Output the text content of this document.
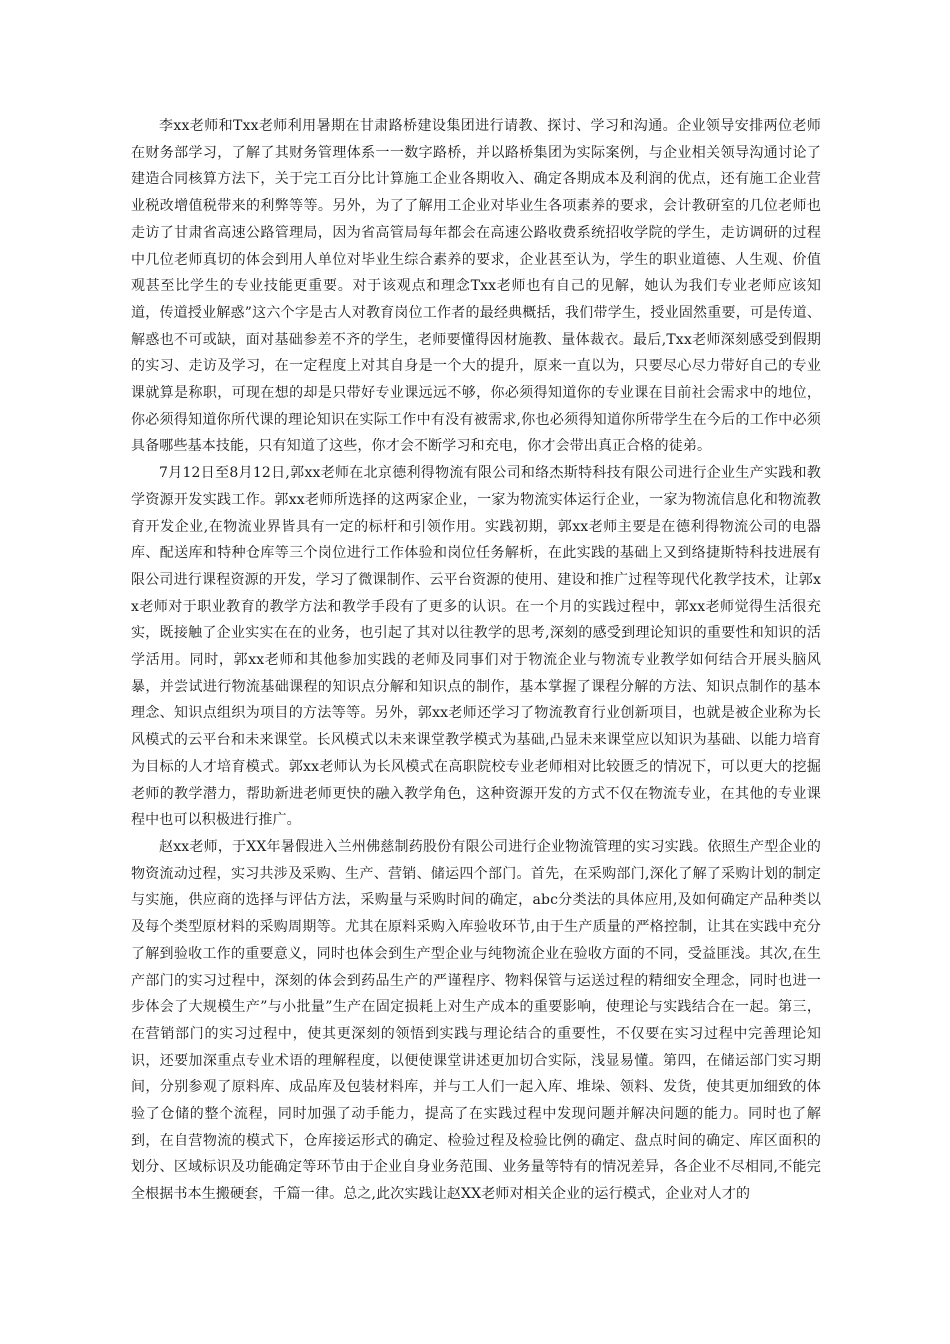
李xx老师和Txx老师利用暑期在甘肃路桥建设集团进行请教、探讨、学习和沟通。企业领导安排两位老师在财务部学习，了解了其财务管理体系一一数字路桥，并以路桥集团为实际案例，与企业相关领导沟通讨论了建造合同核算方法下，关于完工百分比计算施工企业各期收入、确定各期成本及利润的优点，还有施工企业营业税改增值税带来的利弊等等。另外，为了了解用工企业对毕业生各项素养的要求，会计教研室的几位老师也走访了甘肃省高速公路管理局，因为省高管局每年都会在高速公路收费系统招收学院的学生，走访调研的过程中几位老师真切的体会到用人单位对毕业生综合素养的要求，企业甚至认为，学生的职业道德、人生观、价值观甚至比学生的专业技能更重要。对于该观点和理念Txx老师也有自己的见解，她认为我们专业老师应该知道，传道授业解惑”这六个字是古人对教育岗位工作者的最经典概括，我们带学生，授业固然重要，可是传道、解惑也不可或缺，面对基础参差不齐的学生，老师要懂得因材施教、量体裁衣。最后,Txx老师深刻感受到假期的实习、走访及学习，在一定程度上对其自身是一个大的提升，原来一直以为，只要尽心尽力带好自己的专业课就算是称职，可现在想的却是只带好专业课远远不够，你必须得知道你的专业课在目前社会需求中的地位，你必须得知道你所代课的理论知识在实际工作中有没有被需求,你也必须得知道你所带学生在今后的工作中必须具备哪些基本技能，只有知道了这些，你才会不断学习和充电，你才会带出真正合格的徒弟。

7月12日至8月12日,郭xx老师在北京德利得物流有限公司和络杰斯特科技有限公司进行企业生产实践和教学资源开发实践工作。郭xx老师所选择的这两家企业，一家为物流实体运行企业，一家为物流信息化和物流教育开发企业,在物流业界皆具有一定的标杆和引领作用。实践初期，郭xx老师主要是在德利得物流公司的电器库、配送库和特种仓库等三个岗位进行工作体验和岗位任务解析，在此实践的基础上又到络捷斯特科技进展有限公司进行课程资源的开发，学习了微课制作、云平台资源的使用、建设和推广过程等现代化教学技术，让郭xx老师对于职业教育的教学方法和教学手段有了更多的认识。在一个月的实践过程中，郭xx老师觉得生活很充实，既接触了企业实实在在的业务，也引起了其对以往教学的思考,深刻的感受到理论知识的重要性和知识的活学活用。同时，郭xx老师和其他参加实践的老师及同事们对于物流企业与物流专业教学如何结合开展头脑风暴，并尝试进行物流基础课程的知识点分解和知识点的制作，基本掌握了课程分解的方法、知识点制作的基本理念、知识点组织为项目的方法等等。另外，郭xx老师还学习了物流教育行业创新项目，也就是被企业称为长风模式的云平台和未来课堂。长风模式以未来课堂教学模式为基础,凸显未来课堂应以知识为基础、以能力培育为目标的人才培育模式。郭xx老师认为长风模式在高职院校专业老师相对比较匮乏的情况下，可以更大的挖掘老师的教学潜力，帮助新进老师更快的融入教学角色，这种资源开发的方式不仅在物流专业，在其他的专业课程中也可以积极进行推广。

赵xx老师，于XX年暑假进入兰州佛慈制药股份有限公司进行企业物流管理的实习实践。依照生产型企业的物资流动过程，实习共涉及采购、生产、营销、储运四个部门。首先，在采购部门,深化了解了采购计划的制定与实施，供应商的选择与评估方法，采购量与采购时间的确定，abc分类法的具体应用,及如何确定产品种类以及每个类型原材料的采购周期等。尤其在原料采购入库验收环节,由于生产质量的严格控制，让其在实践中充分了解到验收工作的重要意义，同时也体会到生产型企业与纯物流企业在验收方面的不同，受益匪浅。其次,在生产部门的实习过程中，深刻的体会到药品生产的严谨程序、物料保管与运送过程的精细安全理念，同时也进一步体会了大规模生产”与小批量”生产在固定损耗上对生产成本的重要影响，使理论与实践结合在一起。第三，在营销部门的实习过程中，使其更深刻的领悟到实践与理论结合的重要性，不仅要在实习过程中完善理论知识，还要加深重点专业术语的理解程度，以便使课堂讲述更加切合实际，浅显易懂。第四，在储运部门实习期间，分别参观了原料库、成品库及包装材料库，并与工人们一起入库、堆垛、领料、发货，使其更加细致的体验了仓储的整个流程，同时加强了动手能力，提高了在实践过程中发现问题并解决问题的能力。同时也了解到，在自营物流的模式下，仓库接运形式的确定、检验过程及检验比例的确定、盘点时间的确定、库区面积的划分、区域标识及功能确定等环节由于企业自身业务范围、业务量等特有的情况差异，各企业不尽相同,不能完全根据书本生搬硬套，千篇一律。总之,此次实践让赵XX老师对相关企业的运行模式，企业对人才的
